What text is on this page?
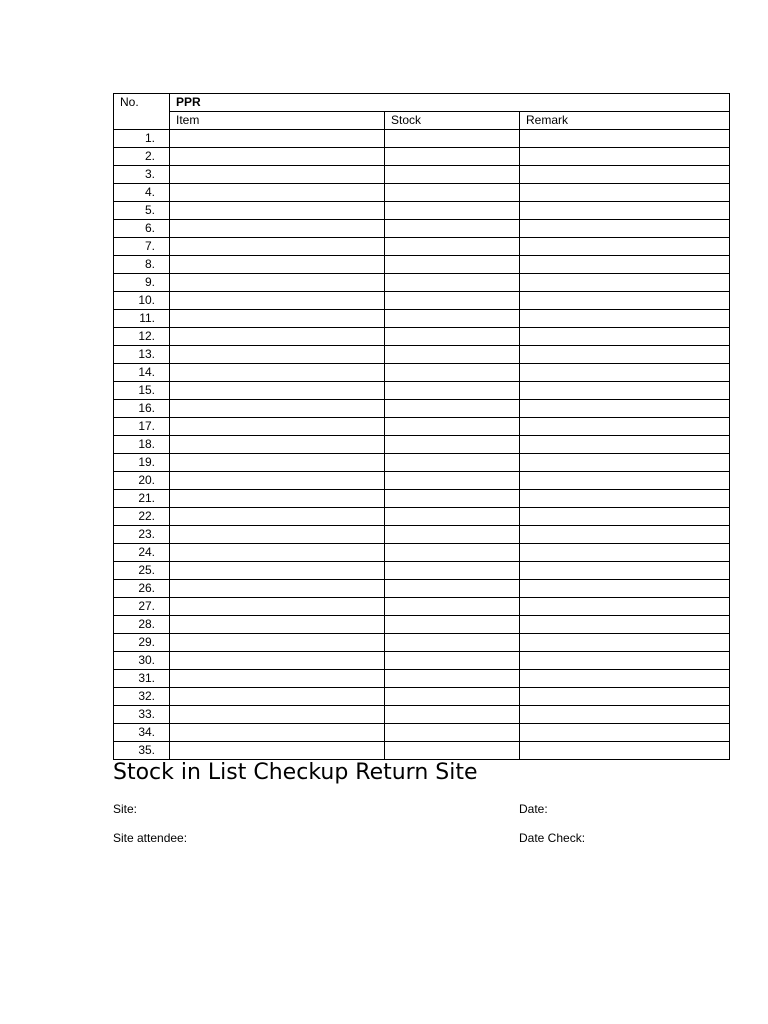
No.	PPR		
	Item	Stock	Remark
1.			
2.			
3.			
4.			
5.			
6.			
7.			
8.			
9.			
10.			
11.			
12.			
13.			
14.			
15.			
16.			
17.			
18.			
19.			
20.			
21.			
22.			
23.			
24.			
25.			
26.			
27.			
28.			
29.			
30.			
31.			
32.			
33.			
34.			
35.			
Stock in List Checkup Return Site
Site:
Site attendee:
Date:
Date Check:
